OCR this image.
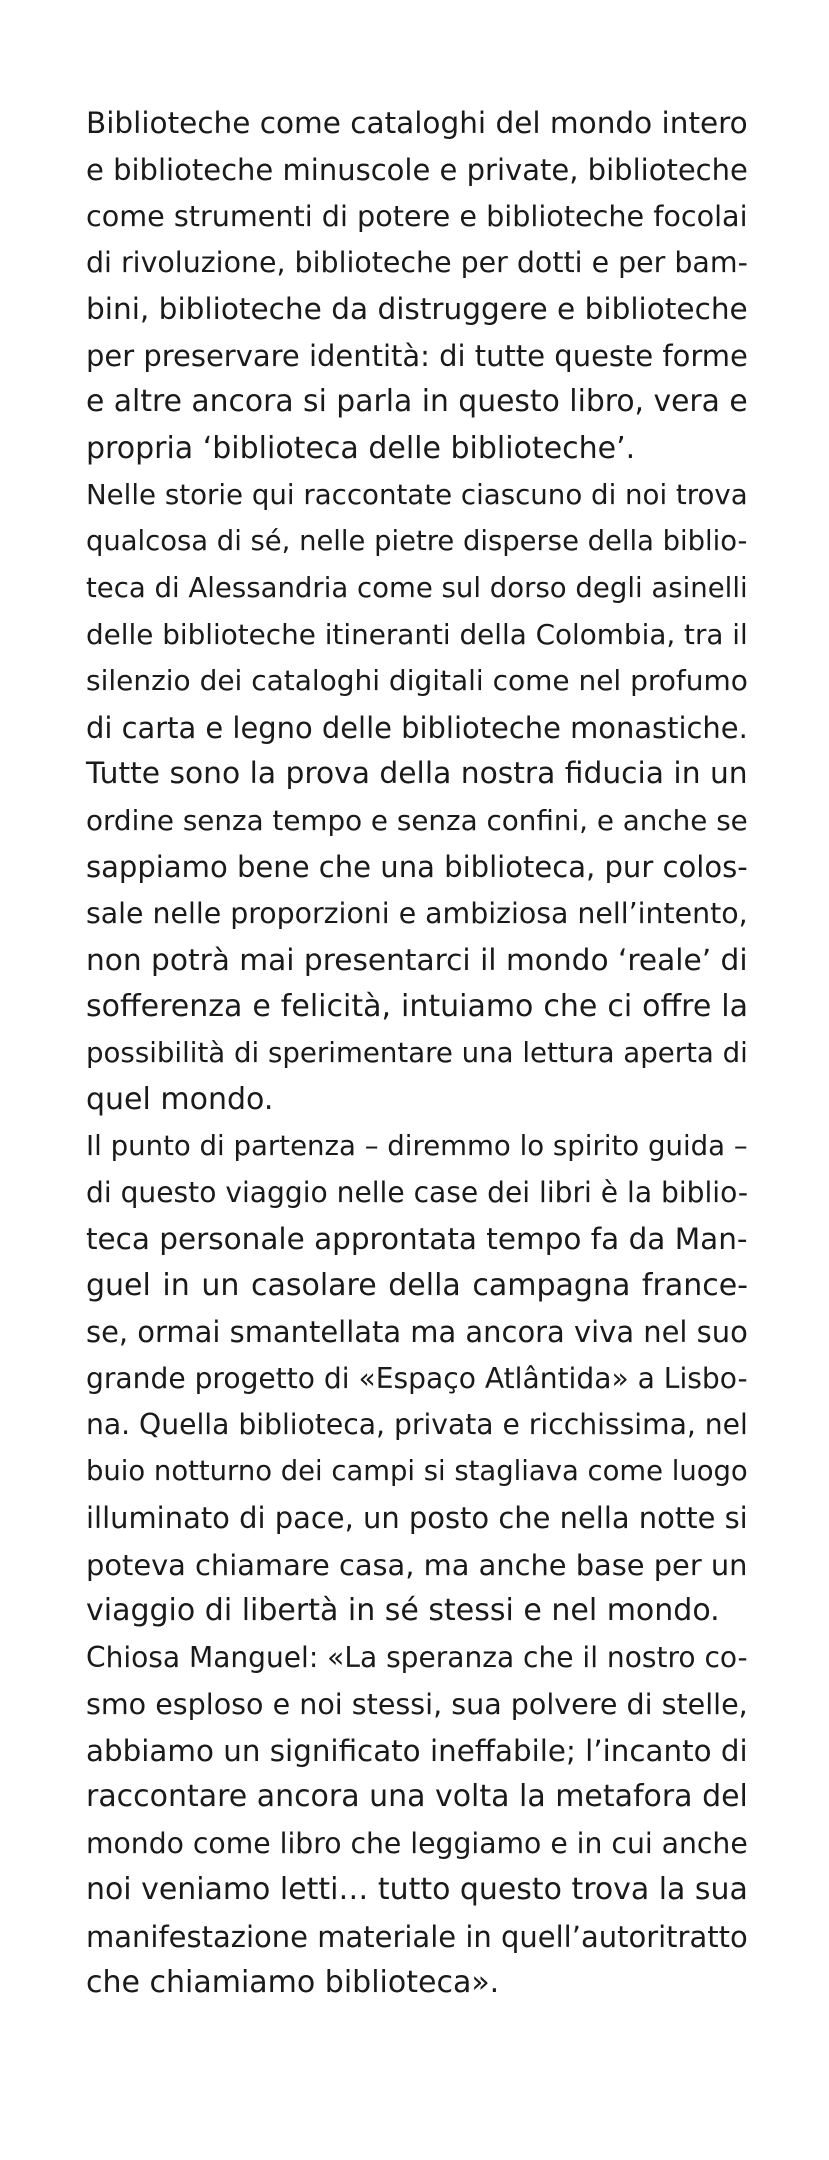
Biblioteche come cataloghi del mondo intero
e biblioteche minuscole e private, biblioteche
come strumenti di potere e biblioteche focolai
di rivoluzione, biblioteche per dotti e per bam-
bini, biblioteche da distruggere e biblioteche
per preservare identità: di tutte queste forme
e altre ancora si parla in questo libro, vera e
propria ‘biblioteca delle biblioteche’.
Nelle storie qui raccontate ciascuno di noi trova
qualcosa di sé, nelle pietre disperse della biblio-
teca di Alessandria come sul dorso degli asinelli
delle biblioteche itineranti della Colombia, tra il
silenzio dei cataloghi digitali come nel profumo
di carta e legno delle biblioteche monastiche.
Tutte sono la prova della nostra fiducia in un
ordine senza tempo e senza confini, e anche se
sappiamo bene che una biblioteca, pur colos-
sale nelle proporzioni e ambiziosa nell’intento,
non potrà mai presentarci il mondo ‘reale’ di
sofferenza e felicità, intuiamo che ci offre la
possibilità di sperimentare una lettura aperta di
quel mondo.
Il punto di partenza – diremmo lo spirito guida –
di questo viaggio nelle case dei libri è la biblio-
teca personale approntata tempo fa da Man-
guel in un casolare della campagna france-
se, ormai smantellata ma ancora viva nel suo
grande progetto di «Espaço Atlântida» a Lisbo-
na. Quella biblioteca, privata e ricchissima, nel
buio notturno dei campi si stagliava come luogo
illuminato di pace, un posto che nella notte si
poteva chiamare casa, ma anche base per un
viaggio di libertà in sé stessi e nel mondo.
Chiosa Manguel: «La speranza che il nostro co-
smo esploso e noi stessi, sua polvere di stelle,
abbiamo un significato ineffabile; l’incanto di
raccontare ancora una volta la metafora del
mondo come libro che leggiamo e in cui anche
noi veniamo letti… tutto questo trova la sua
manifestazione materiale in quell’autoritratto
che chiamiamo biblioteca».
